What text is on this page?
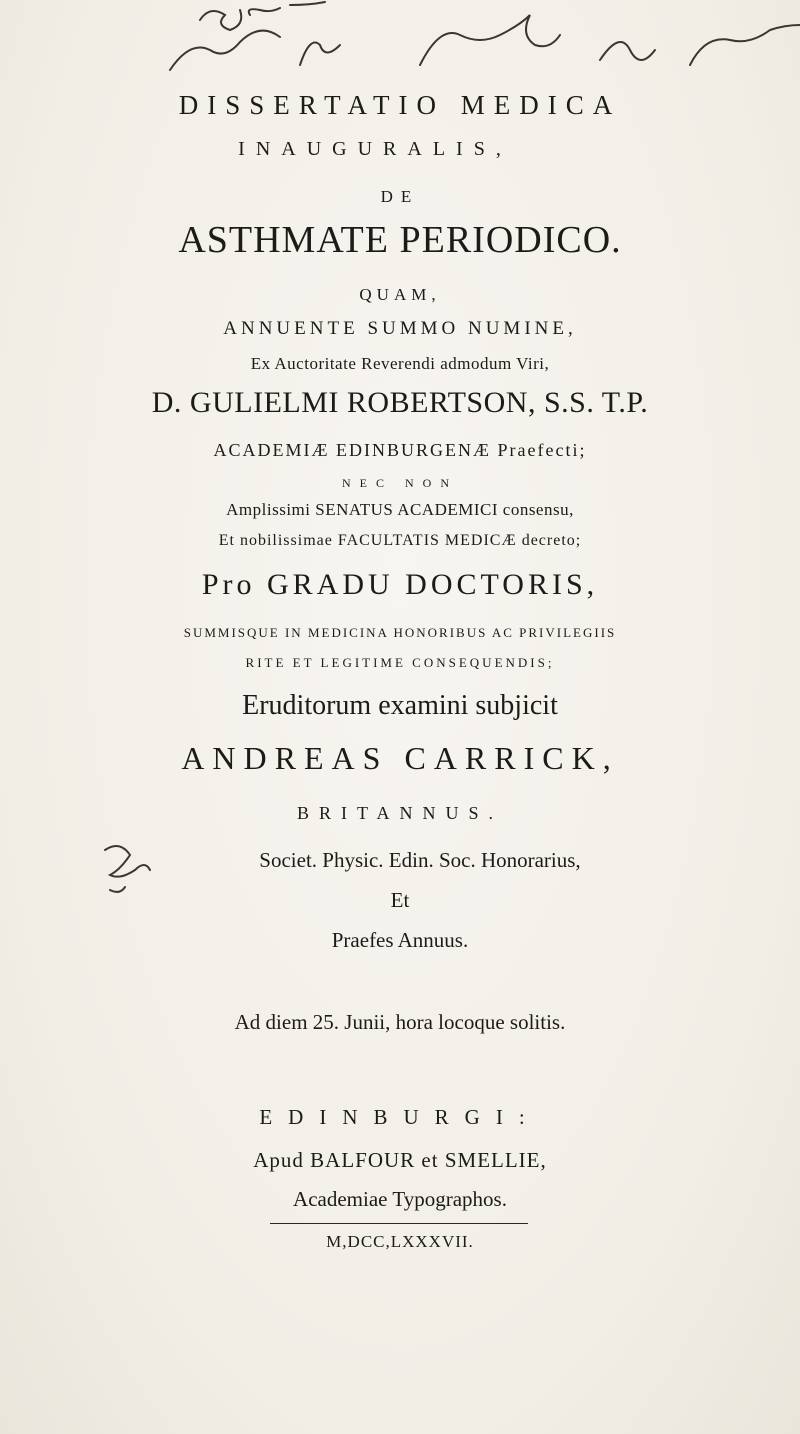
DISSERTATIO MEDICA
INAUGURALIS,
DE
ASTHMATE PERIODICO.
QUAM,
ANNUENTE SUMMO NUMINE,
Ex Auctoritate Reverendi admodum Viri,
D. GULIELMI ROBERTSON, S.S. T.P.
ACADEMIÆ EDINBURGENÆ Praefecti;
NEC NON
Amplissimi SENATUS ACADEMICI consensu,
Et nobilissimae FACULTATIS MEDICÆ decreto;
Pro GRADU DOCTORIS,
SUMMISQUE IN MEDICINA HONORIBUS AC PRIVILEGIIS
RITE ET LEGITIME CONSEQUENDIS;
Eruditorum examini subjicit
ANDREAS CARRICK,
BRITANNUS.
Societ. Physic. Edin. Soc. Honorarius,
Et
Praefes Annuus.
Ad diem 25. Junii, hora locoque solitis.
EDINBURGI:
Apud BALFOUR et SMELLIE,
Academiae Typographos.
M,DCC,LXXXVII.
